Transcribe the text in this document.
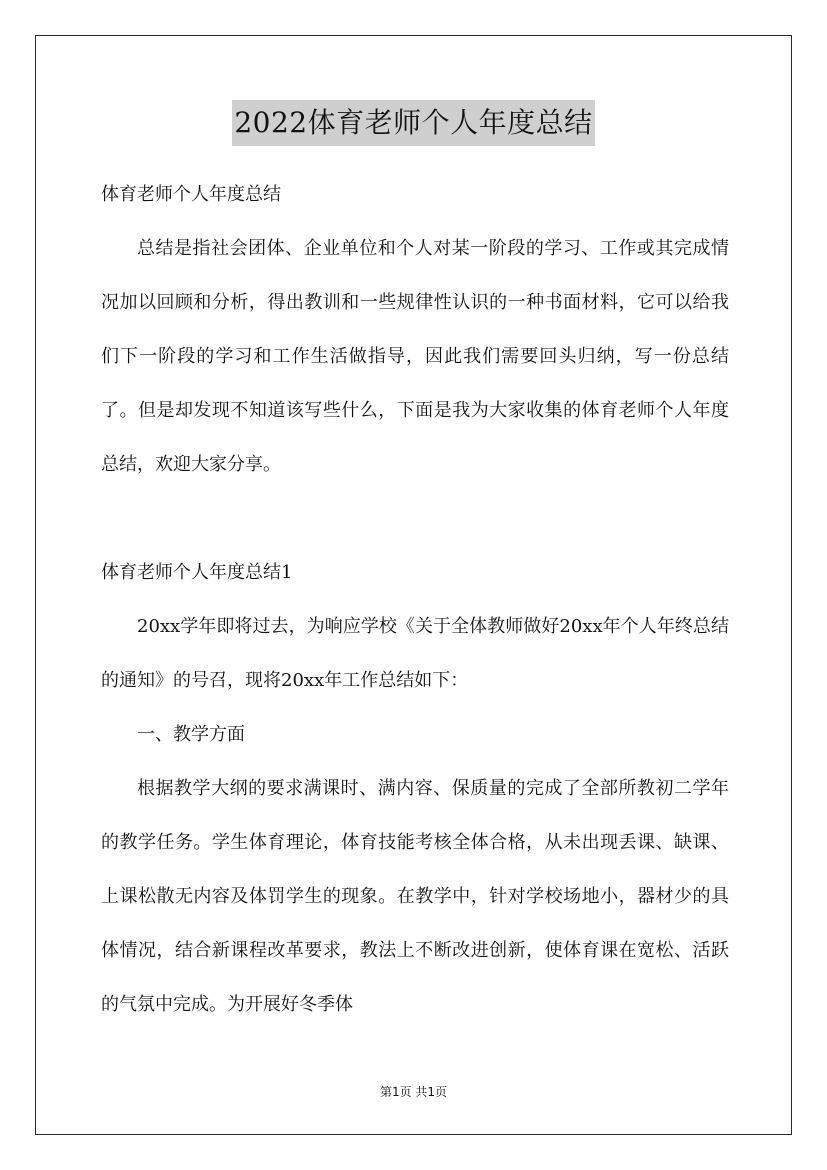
2022体育老师个人年度总结

体育老师个人年度总结

总结是指社会团体、企业单位和个人对某一阶段的学习、工作或其完成情况加以回顾和分析，得出教训和一些规律性认识的一种书面材料，它可以给我们下一阶段的学习和工作生活做指导，因此我们需要回头归纳，写一份总结了。但是却发现不知道该写些什么，下面是我为大家收集的体育老师个人年度总结，欢迎大家分享。

体育老师个人年度总结1

20xx学年即将过去，为响应学校《关于全体教师做好20xx年个人年终总结的通知》的号召，现将20xx年工作总结如下：

一、教学方面

根据教学大纲的要求满课时、满内容、保质量的完成了全部所教初二学年的教学任务。学生体育理论，体育技能考核全体合格，从未出现丢课、缺课、上课松散无内容及体罚学生的现象。在教学中，针对学校场地小，器材少的具体情况，结合新课程改革要求，教法上不断改进创新，使体育课在宽松、活跃的气氛中完成。为开展好冬季体

第1页 共1页
